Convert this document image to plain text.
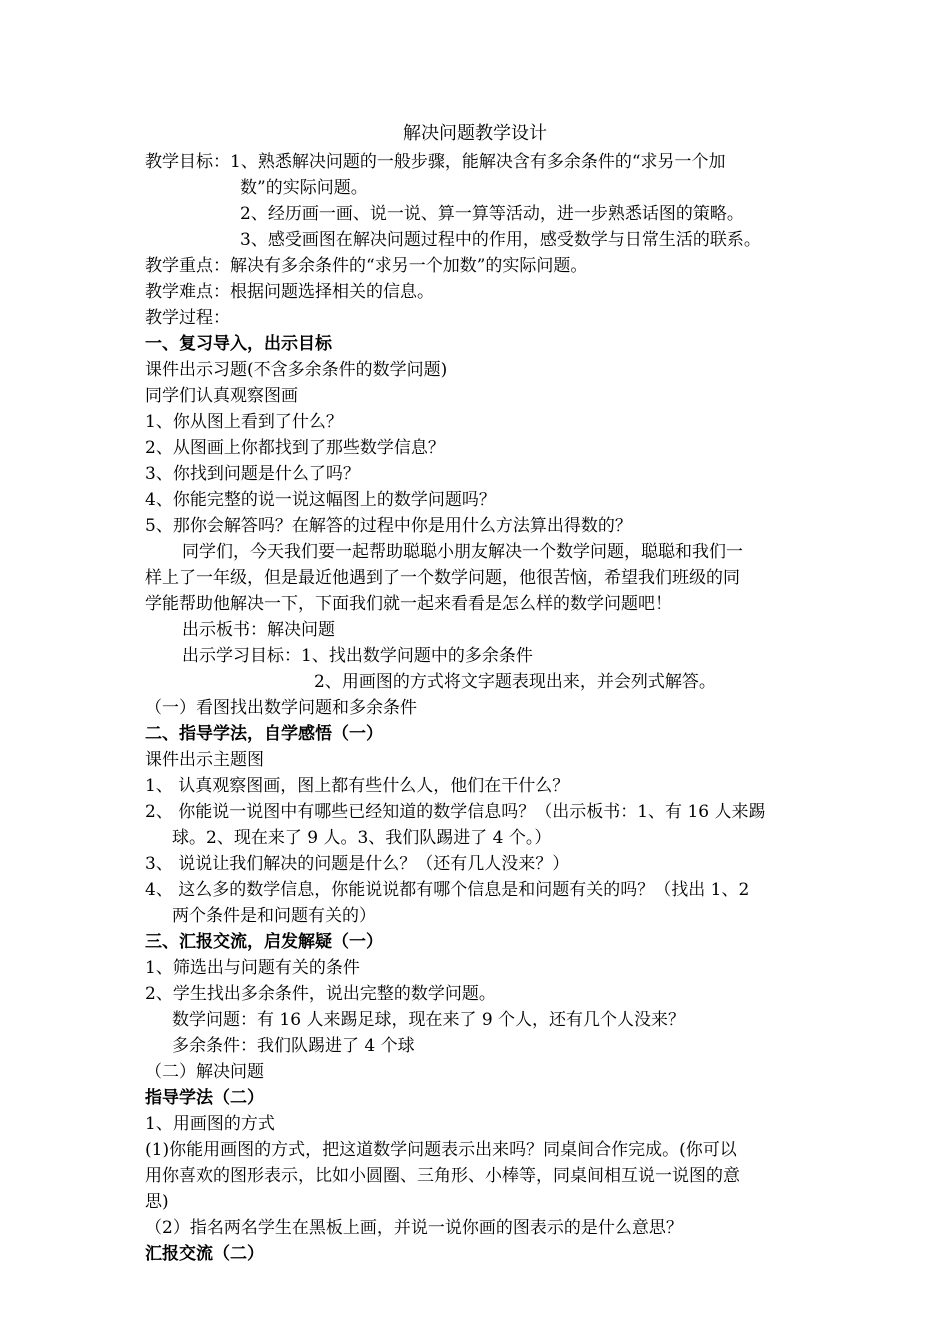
解决问题教学设计
教学目标：1、熟悉解决问题的一般步骤，能解决含有多余条件的“求另一个加
数”的实际问题。
2、经历画一画、说一说、算一算等活动，进一步熟悉话图的策略。
3、感受画图在解决问题过程中的作用，感受数学与日常生活的联系。
教学重点：解决有多余条件的“求另一个加数”的实际问题。
教学难点：根据问题选择相关的信息。
教学过程：
一、复习导入，出示目标
课件出示习题(不含多余条件的数学问题)
同学们认真观察图画
1、你从图上看到了什么？
2、从图画上你都找到了那些数学信息？
3、你找到问题是什么了吗？
4、你能完整的说一说这幅图上的数学问题吗？
5、那你会解答吗？在解答的过程中你是用什么方法算出得数的？
同学们，今天我们要一起帮助聪聪小朋友解决一个数学问题，聪聪和我们一
样上了一年级，但是最近他遇到了一个数学问题，他很苦恼，希望我们班级的同
学能帮助他解决一下，下面我们就一起来看看是怎么样的数学问题吧！
出示板书：解决问题
出示学习目标：1、找出数学问题中的多余条件
2、用画图的方式将文字题表现出来，并会列式解答。
（一）看图找出数学问题和多余条件
二、指导学法，自学感悟（一）
课件出示主题图
1、 认真观察图画，图上都有些什么人，他们在干什么？
2、 你能说一说图中有哪些已经知道的数学信息吗？（出示板书：1、有 16 人来踢
球。2、现在来了 9 人。3、我们队踢进了 4 个。）
3、 说说让我们解决的问题是什么？（还有几人没来？）
4、 这么多的数学信息，你能说说都有哪个信息是和问题有关的吗？（找出 1、2
两个条件是和问题有关的）
三、汇报交流，启发解疑（一）
1、筛选出与问题有关的条件
2、学生找出多余条件，说出完整的数学问题。
数学问题：有 16 人来踢足球，现在来了 9 个人，还有几个人没来？
多余条件：我们队踢进了 4 个球
（二）解决问题
指导学法（二）
1、用画图的方式
(1)你能用画图的方式，把这道数学问题表示出来吗？同桌间合作完成。(你可以
用你喜欢的图形表示，比如小圆圈、三角形、小棒等，同桌间相互说一说图的意
思)
（2）指名两名学生在黑板上画，并说一说你画的图表示的是什么意思？
汇报交流（二）
